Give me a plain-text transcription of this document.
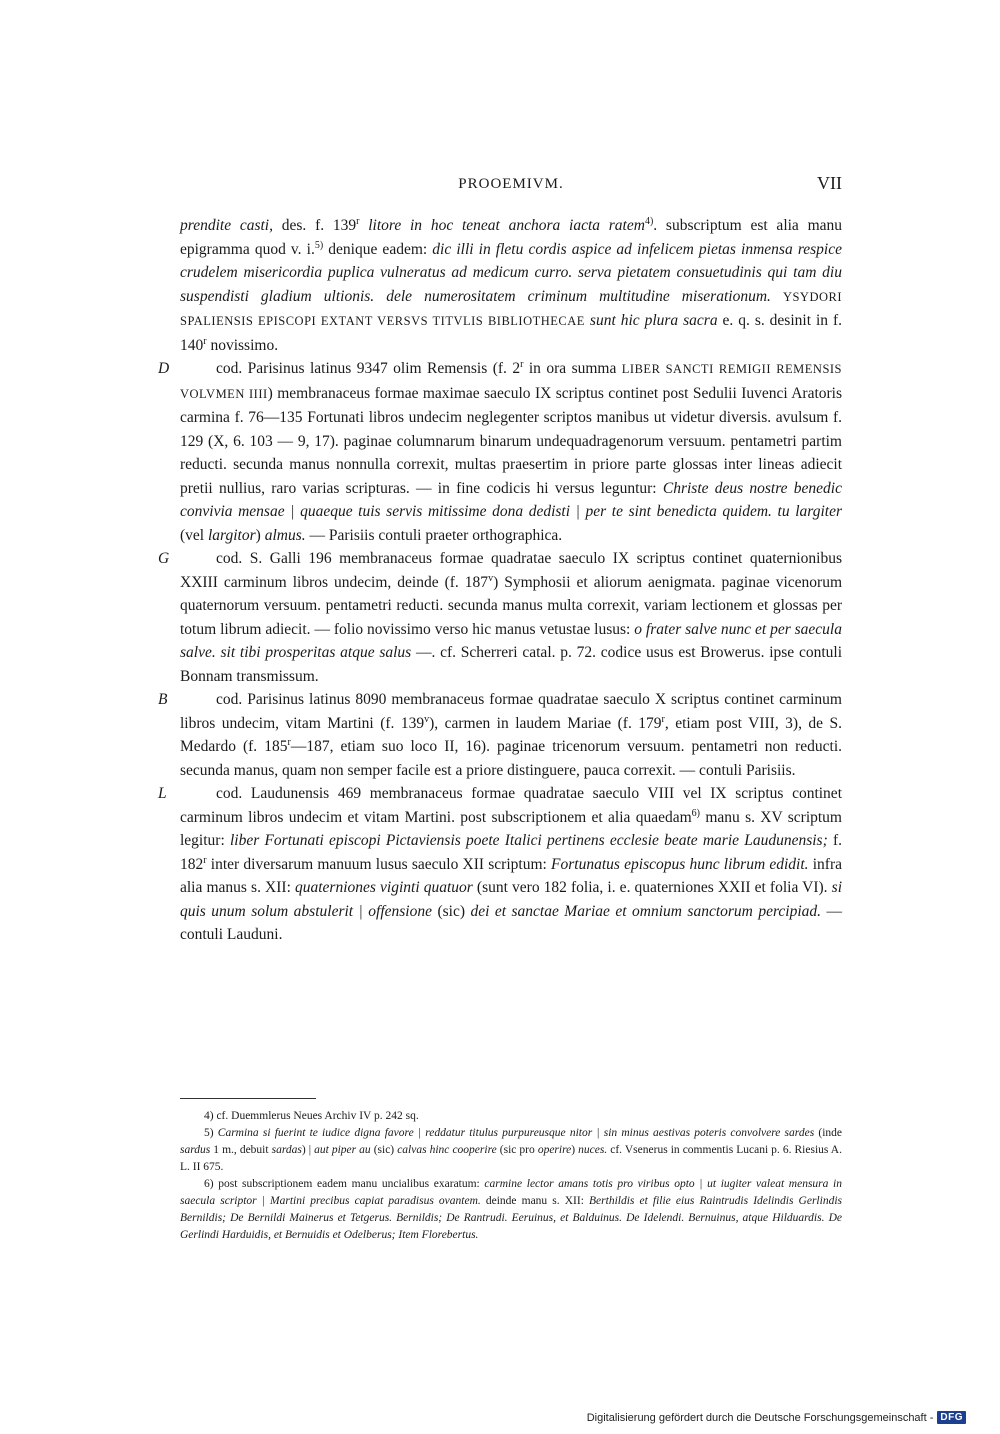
PROOEMIVM.	VII

prendite casti, des. f. 139$^r$ litore in hoc teneat anchora iacta ratem$^{4)}$. subscriptum est alia manu epigramma quod v. i.$^{5)}$ denique eadem: dic illi in fletu cordis aspice ad infelicem pietas inmensa respice crudelem misericordia puplica vulneratus ad medicum curro. serva pietatem consuetudinis qui tam diu suspendisti gladium ultionis. dele numerositatem criminum multitudine miserationum. YSYDORI SPALIENSIS EPISCOPI EXTANT VERSVS TITVLIS BIBLIOTHECAE sunt hic plura sacra e. q. s. desinit in f. 140$^r$ novissimo.

D	cod. Parisinus latinus 9347 olim Remensis (f. 2$^r$ in ora summa LIBER SANCTI REMIGII REMENSIS VOLVMEN IIII) membranaceus formae maximae saeculo IX scriptus continet post Sedulii Iuvenci Aratoris carmina f. 76—135 Fortunati libros undecim neglegenter scriptos manibus ut videtur diversis. avulsum f. 129 (X, 6. 103 — 9, 17). paginae columnarum binarum undequadragenorum versuum. pentametri partim reducti. secunda manus nonnulla correxit, multas praesertim in priore parte glossas inter lineas adiecit pretii nullius, raro varias scripturas. — in fine codicis hi versus leguntur: Christe deus nostre benedic convivia mensae | quaeque tuis servis mitissime dona dedisti | per te sint benedicta quidem. tu largiter (vel largitor) almus. — Parisiis contuli praeter orthographica.

G	cod. S. Galli 196 membranaceus formae quadratae saeculo IX scriptus continet quaternionibus XXIII carminum libros undecim, deinde (f. 187$^v$) Symphosii et aliorum aenigmata. paginae vicenorum quaternorum versuum. pentametri reducti. secunda manus multa correxit, variam lectionem et glossas per totum librum adiecit. — folio novissimo verso hic manus vetustae lusus: o frater salve nunc et per saecula salve. sit tibi prosperitas atque salus —. cf. Scherreri catal. p. 72. codice usus est Browerus. ipse contuli Bonnam transmissum.

B	cod. Parisinus latinus 8090 membranaceus formae quadratae saeculo X scriptus continet carminum libros undecim, vitam Martini (f. 139$^v$), carmen in laudem Mariae (f. 179$^r$, etiam post VIII, 3), de S. Medardo (f. 185$^r$—187, etiam suo loco II, 16). paginae tricenorum versuum. pentametri non reducti. secunda manus, quam non semper facile est a priore distinguere, pauca correxit. — contuli Parisiis.

L	cod. Laudunensis 469 membranaceus formae quadratae saeculo VIII vel IX scriptus continet carminum libros undecim et vitam Martini. post subscriptionem et alia quaedam$^{6)}$ manu s. XV scriptum legitur: liber Fortunati episcopi Pictaviensis poete Italici pertinens ecclesie beate marie Laudunensis; f. 182$^r$ inter diversarum manuum lusus saeculo XII scriptum: Fortunatus episcopus hunc librum edidit. infra alia manus s. XII: quaterniones viginti quatuor (sunt vero 182 folia, i. e. quaterniones XXII et folia VI). si quis unum solum abstulerit | offensione (sic) dei et sanctae Mariae et omnium sanctorum percipiad. — contuli Lauduni.

4) cf. Duemmlerus Neues Archiv IV p. 242 sq.

5) Carmina si fuerint te iudice digna favore | reddatur titulus purpureusque nitor | sin minus aestivas poteris convolvere sardes (inde sardus 1 m., debuit sardas) | aut piper au (sic) calvas hinc cooperire (sic pro operire) nuces. cf. Vsenerus in commentis Lucani p. 6. Riesius A. L. II 675.

6) post subscriptionem eadem manu uncialibus exaratum: carmine lector amans totis pro viribus opto | ut iugiter valeat mensura in saecula scriptor | Martini precibus capiat paradisus ovantem. deinde manu s. XII: Berthildis et filie eius Raintrudis Idelindis Gerlindis Bernildis; De Bernildi Mainerus et Tetgerus. Bernildis; De Rantrudi. Eeruinus, et Balduinus. De Idelendi. Bernuinus, atque Hilduardis. De Gerlindi Harduidis, et Bernuidis et Odelberus; Item Florebertus.

Digitalisierung gefördert durch die Deutsche Forschungsgemeinschaft - DFG
